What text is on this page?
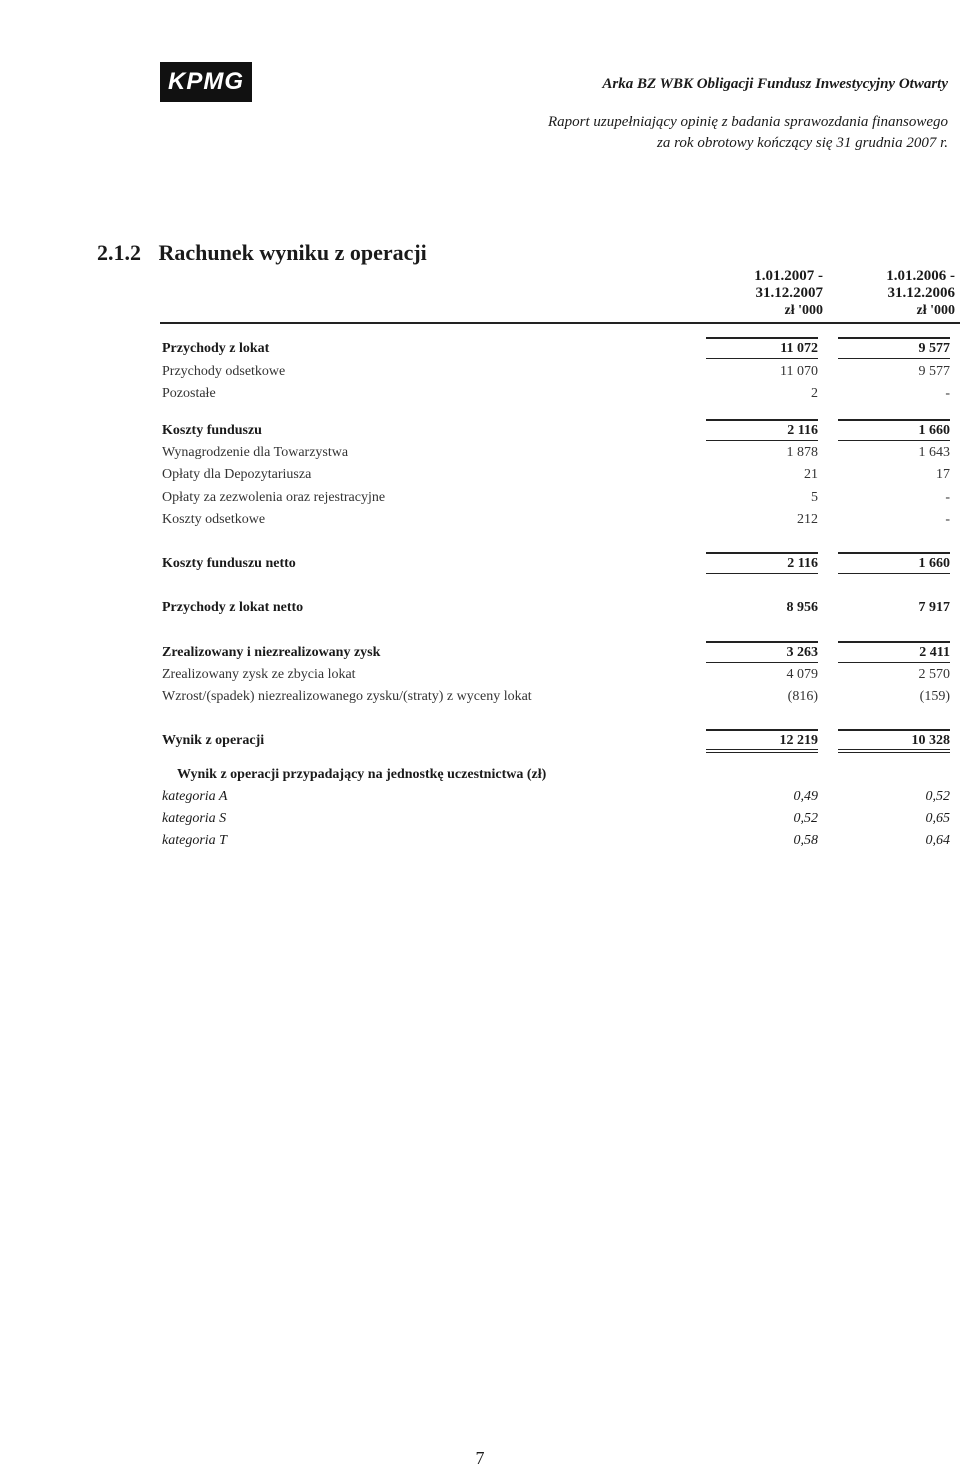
KPMG	Arka BZ WBK Obligacji Fundusz Inwestycyjny Otwarty
Raport uzupełniający opinię z badania sprawozdania finansowego
za rok obrotowy kończący się 31 grudnia 2007 r.
2.1.2 Rachunek wyniku z operacji
1.01.2007 -
31.12.2007
zł '000
1.01.2006 -
31.12.2006
zł '000
Przychody z lokat	11 072	9 577
Przychody odsetkowe	11 070	9 577
Pozostałe	2	-
Koszty funduszu	2 116	1 660
Wynagrodzenie dla Towarzystwa	1 878	1 643
Opłaty dla Depozytariusza	21	17
Opłaty za zezwolenia oraz rejestracyjne	5	-
Koszty odsetkowe	212	-
Koszty funduszu netto	2 116	1 660
Przychody z lokat netto	8 956	7 917
Zrealizowany i niezrealizowany zysk	3 263	2 411
Zrealizowany zysk ze zbycia lokat	4 079	2 570
Wzrost/(spadek) niezrealizowanego zysku/(straty) z wyceny lokat	(816)	(159)
Wynik z operacji	12 219	10 328
Wynik z operacji przypadający na jednostkę uczestnictwa (zł)
kategoria A	0,49	0,52
kategoria S	0,52	0,65
kategoria T	0,58	0,64
7
